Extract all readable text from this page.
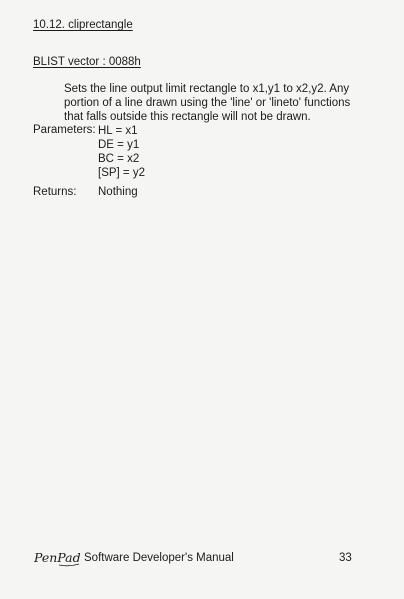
10.12. cliprectangle
BLIST vector : 0088h

Sets the line output limit rectangle to x1,y1 to x2,y2. Any portion of a line drawn using the 'line' or 'lineto' functions that falls outside this rectangle will not be drawn.

Parameters: HL = x1
DE = y1
BC = x2
[SP] = y2
Returns: Nothing
PenPad Software Developer's Manual	33
